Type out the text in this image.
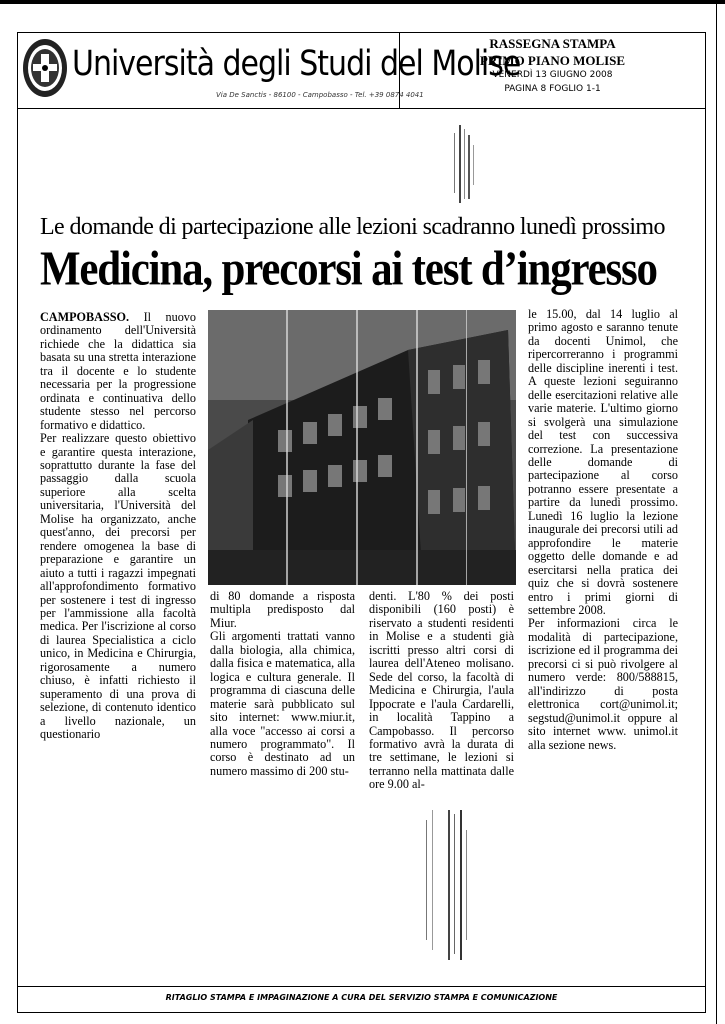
Università degli Studi del Molise
Via De Sanctis - 86100 - Campobasso - Tel. +39 0874 4041
RASSEGNA STAMPA
PRIMO PIANO MOLISE
VENERDÌ 13 GIUGNO 2008
PAGINA 8 FOGLIO 1-1
Le domande di partecipazione alle lezioni scadranno lunedì prossimo
Medicina, precorsi ai test d’ingresso

CAMPOBASSO. Il nuovo ordinamento dell'Università richiede che la didattica sia basata su una stretta interazione tra il docente e lo studente necessaria per la progressione ordinata e continuativa dello studente stesso nel percorso formativo e didattico.

Per realizzare questo obiettivo e garantire questa interazione, soprattutto durante la fase del passaggio dalla scuola superiore alla scelta universitaria, l'Università del Molise ha organizzato, anche quest'anno, dei precorsi per rendere omogenea la base di preparazione e garantire un aiuto a tutti i ragazzi impegnati all'approfondimento formativo per sostenere i test di ingresso per l'ammissione alla facoltà medica. Per l'iscrizione al corso di laurea Specialistica a ciclo unico, in Medicina e Chirurgia, rigorosamente a numero chiuso, è infatti richiesto il superamento di una prova di selezione, di contenuto identico a livello nazionale, un questionario

di 80 domande a risposta multipla predisposto dal Miur.

Gli argomenti trattati vanno dalla biologia, alla chimica, dalla fisica e matematica, alla logica e cultura generale. Il programma di ciascuna delle materie sarà pubblicato sul sito internet: www.miur.it, alla voce "accesso ai corsi a numero programmato". Il corso è destinato ad un numero massimo di 200 stu-

denti. L'80 % dei posti disponibili (160 posti) è riservato a studenti residenti in Molise e a studenti già iscritti presso altri corsi di laurea dell'Ateneo molisano. Sede del corso, la facoltà di Medicina e Chirurgia, l'aula Ippocrate e l'aula Cardarelli, in località Tappino a Campobasso. Il percorso formativo avrà la durata di tre settimane, le lezioni si terranno nella mattinata dalle ore 9.00 al-

le 15.00, dal 14 luglio al primo agosto e saranno tenute da docenti Unimol, che ripercorreranno i programmi delle discipline inerenti i test. A queste lezioni seguiranno delle esercitazioni relative alle varie materie. L'ultimo giorno si svolgerà una simulazione del test con successiva correzione. La presentazione delle domande di partecipazione al corso potranno essere presentate a partire da lunedì prossimo. Lunedì 16 luglio la lezione inaugurale dei precorsi utili ad approfondire le materie oggetto delle domande e ad esercitarsi nella pratica dei quiz che si dovrà sostenere entro i primi giorni di settembre 2008.

Per informazioni circa le modalità di partecipazione, iscrizione ed il programma dei precorsi ci si può rivolgere al numero verde: 800/588815, all'indirizzo di posta elettronica cort@unimol.it; segstud@unimol.it oppure al sito internet www. unimol.it alla sezione news.

RITAGLIO STAMPA E IMPAGINAZIONE A CURA DEL SERVIZIO STAMPA E COMUNICAZIONE
